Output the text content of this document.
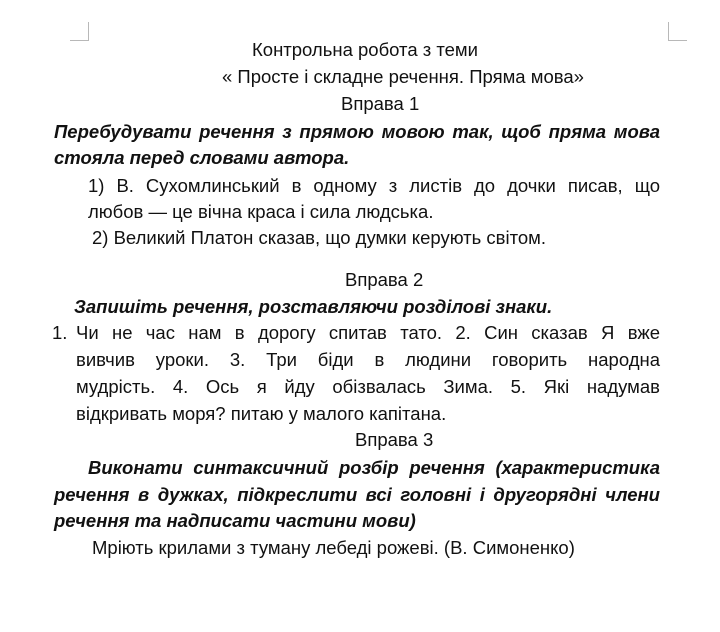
Контрольна робота з теми
« Просте і складне речення. Пряма мова»
Вправа 1
Перебудувати речення з прямою мовою так, щоб пряма мова
стояла перед словами автора.
1) В. Сухомлинський в одному з листів до дочки писав, що
любов — це вічна краса і сила людська.
2) Великий Платон сказав, що думки керують світом.
Вправа 2
Запишіть речення, розставляючи розділові знаки.
1. Чи не час нам в дорогу спитав тато. 2. Син сказав Я вже
вивчив уроки. 3. Три біди в людини говорить народна
мудрість. 4. Ось я йду обізвалась Зима. 5. Які надумав
відкривать моря? питаю у малого капітана.
Вправа 3
Виконати синтаксичний розбір речення (характеристика
речення в дужках, підкреслити всі головні і другорядні члени
речення та надписати частини мови)
Мріють крилами з туману лебеді рожеві. (В. Симоненко)
